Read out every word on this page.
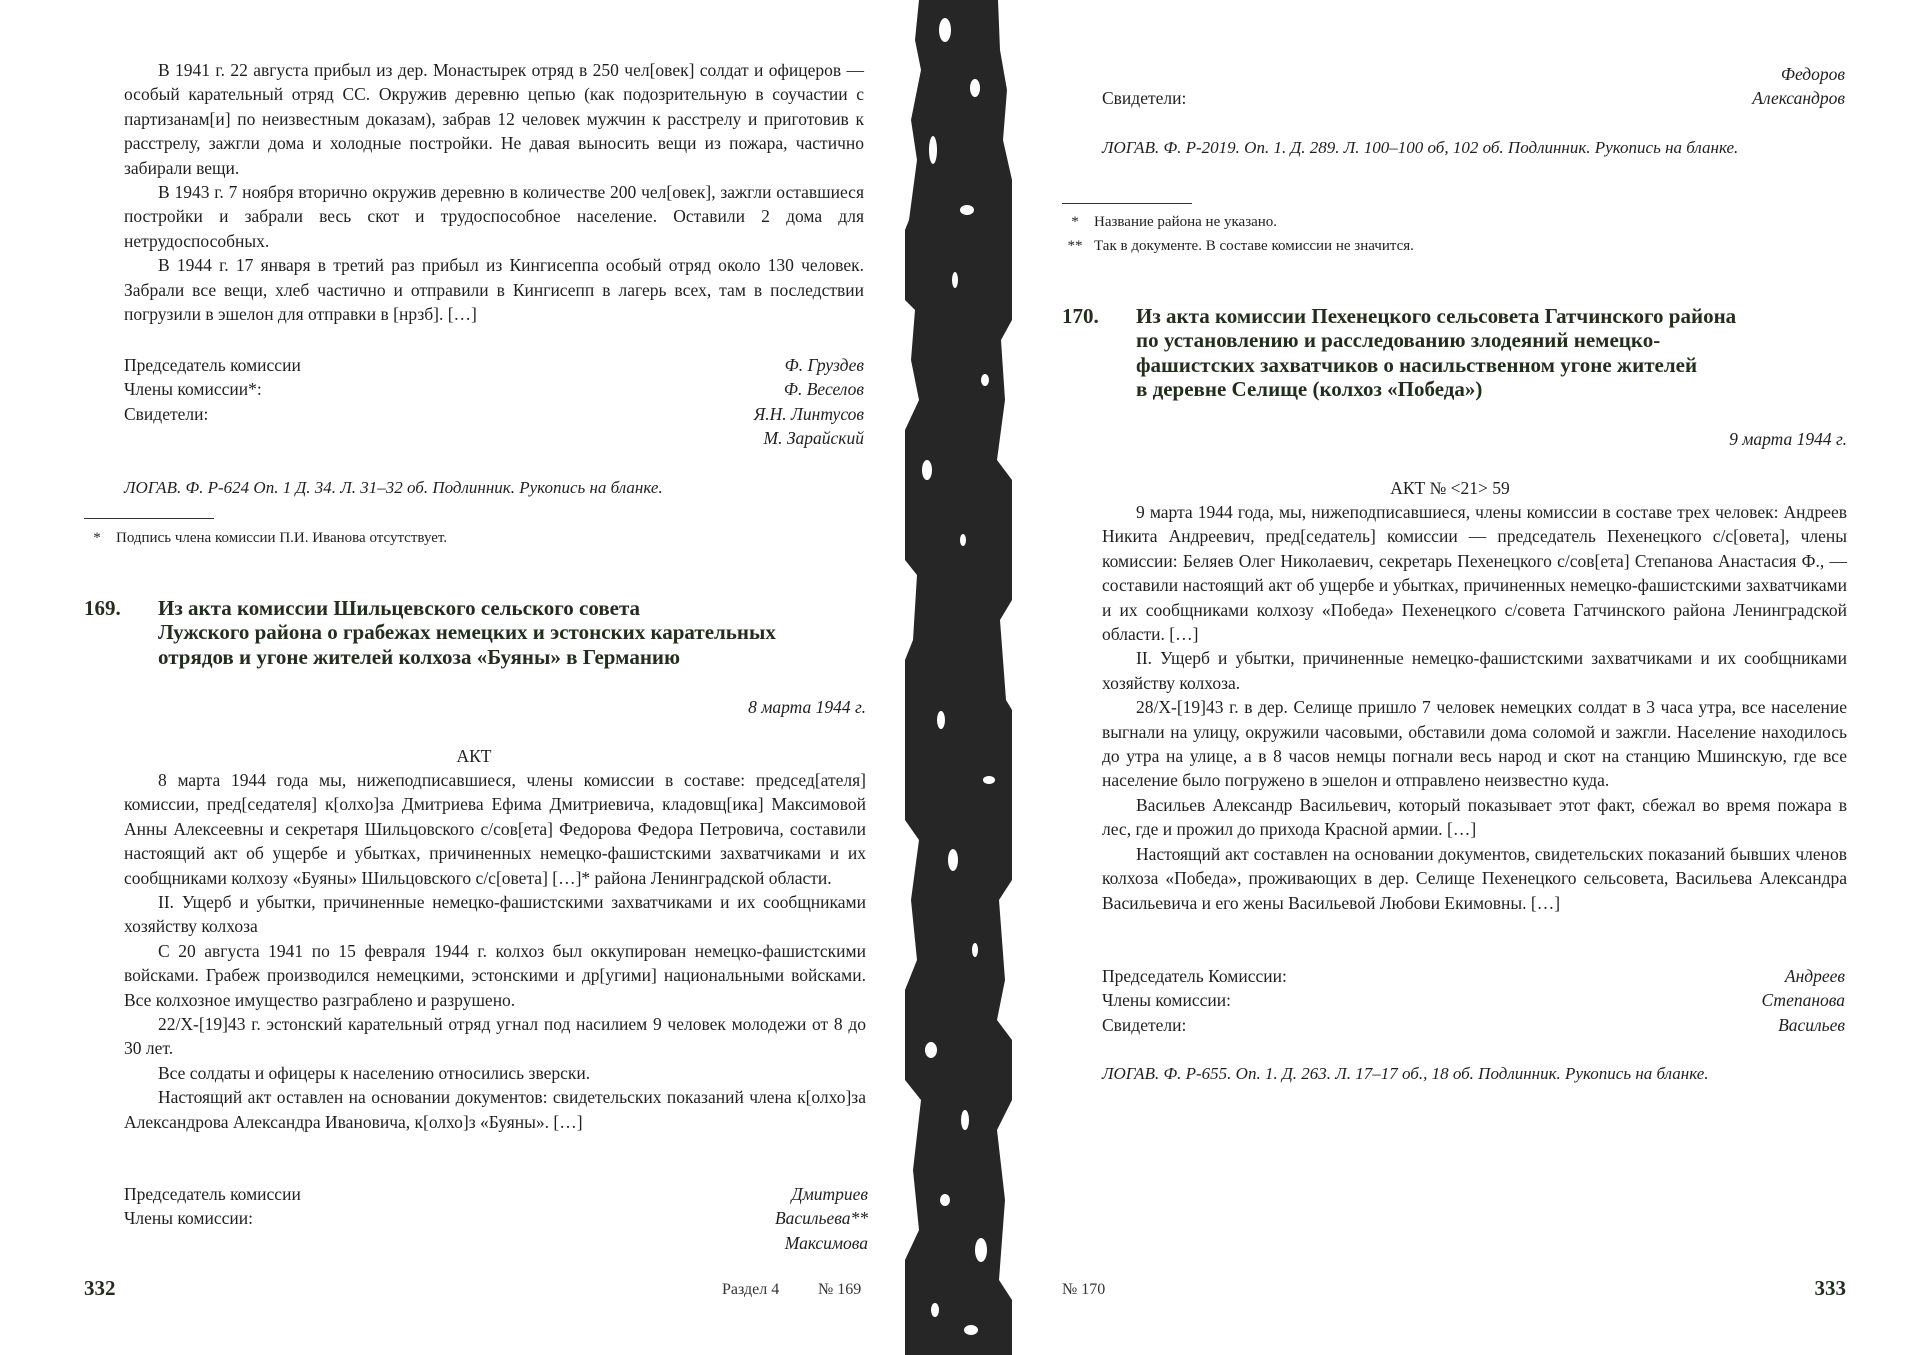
В 1941 г. 22 августа прибыл из дер. Монастырек отряд в 250 чел[овек] солдат и офицеров — особый карательный отряд СС. Окружив деревню цепью (как подозрительную в соучастии с партизанам[и] по неизвестным доказам), забрав 12 человек мужчин к расстрелу и приготовив к расстрелу, зажгли дома и холодные постройки. Не давая выносить вещи из пожара, частично забирали вещи.

В 1943 г. 7 ноября вторично окружив деревню в количестве 200 чел[овек], зажгли оставшиеся постройки и забрали весь скот и трудоспособное население. Оставили 2 дома для нетрудоспособных.

В 1944 г. 17 января в третий раз прибыл из Кингисеппа особый отряд около 130 человек. Забрали все вещи, хлеб частично и отправили в Кингисепп в лагерь всех, там в последствии погрузили в эшелон для отправки в [нрзб]. […]

Председатель комиссии	Ф. Груздев
Члены комиссии*:	Ф. Веселов
Свидетели:	Я.Н. Линтусов
М. Зарайский
ЛОГАВ. Ф. Р-624 Оп. 1 Д. 34. Л. 31–32 об. Подлинник. Рукопись на бланке.
*	Подпись члена комиссии П.И. Иванова отсутствует.
169. Из акта комиссии Шильцевского сельского совета
Лужского района о грабежах немецких и эстонских карательных
отрядов и угоне жителей колхоза «Буяны» в Германию
8 марта 1944 г.
АКТ

8 марта 1944 года мы, нижеподписавшиеся, члены комиссии в составе: председ[ателя] комиссии, пред[седателя] к[олхо]за Дмитриева Ефима Дмитриевича, кладовщ[ика] Максимовой Анны Алексеевны и секретаря Шильцовского с/сов[ета] Федорова Федора Петровича, составили настоящий акт об ущербе и убытках, причиненных немецко-фашистскими захватчиками и их сообщниками колхозу «Буяны» Шильцовского с/с[овета] […]* района Ленинградской области.

II. Ущерб и убытки, причиненные немецко-фашистскими захватчиками и их сообщниками хозяйству колхоза

С 20 августа 1941 по 15 февраля 1944 г. колхоз был оккупирован немецко-фашистскими войсками. Грабеж производился немецкими, эстонскими и др[угими] национальными войсками. Все колхозное имущество разграблено и разрушено.

22/X-[19]43 г. эстонский карательный отряд угнал под насилием 9 человек молодежи от 8 до 30 лет.

Все солдаты и офицеры к населению относились зверски.

Настоящий акт оставлен на основании документов: свидетельских показаний члена к[олхо]за Александрова Александра Ивановича, к[олхо]з «Буяны». […]

Председатель комиссии	Дмитриев
Члены комиссии:	Васильева**
Максимова
332	Раздел 4 № 169
Федоров
Свидетели:	Александров
ЛОГАВ. Ф. Р-2019. Оп. 1. Д. 289. Л. 100–100 об, 102 об. Подлинник. Рукопись на бланке.
*	Название района не указано.
** Так в документе. В составе комиссии не значится.
170. Из акта комиссии Пехенецкого сельсовета Гатчинского района
по установлению и расследованию злодеяний немецко-
фашистских захватчиков о насильственном угоне жителей
в деревне Селище (колхоз «Победа»)
9 марта 1944 г.
АКТ № <21> 59

9 марта 1944 года, мы, нижеподписавшиеся, члены комиссии в составе трех человек: Андреев Никита Андреевич, пред[седатель] комиссии — председатель Пехенецкого с/с[овета], члены комиссии: Беляев Олег Николаевич, секретарь Пехенецкого с/сов[ета] Степанова Анастасия Ф., — составили настоящий акт об ущербе и убытках, причиненных немецко-фашистскими захватчиками и их сообщниками колхозу «Победа» Пехенецкого с/совета Гатчинского района Ленинградской области. […]

II. Ущерб и убытки, причиненные немецко-фашистскими захватчиками и их сообщниками хозяйству колхоза.

28/X-[19]43 г. в дер. Селище пришло 7 человек немецких солдат в 3 часа утра, все население выгнали на улицу, окружили часовыми, обставили дома соломой и зажгли. Население находилось до утра на улице, а в 8 часов немцы погнали весь народ и скот на станцию Мшинскую, где все население было погружено в эшелон и отправлено неизвестно куда.

Васильев Александр Васильевич, который показывает этот факт, сбежал во время пожара в лес, где и прожил до прихода Красной армии. […]

Настоящий акт составлен на основании документов, свидетельских показаний бывших членов колхоза «Победа», проживающих в дер. Селище Пехенецкого сельсовета, Васильева Александра Васильевича и его жены Васильевой Любови Екимовны. […]

Председатель Комиссии:	Андреев
Члены комиссии:	Степанова
Свидетели:	Васильев
ЛОГАВ. Ф. Р-655. Оп. 1. Д. 263. Л. 17–17 об., 18 об. Подлинник. Рукопись на бланке.
№ 170	333
